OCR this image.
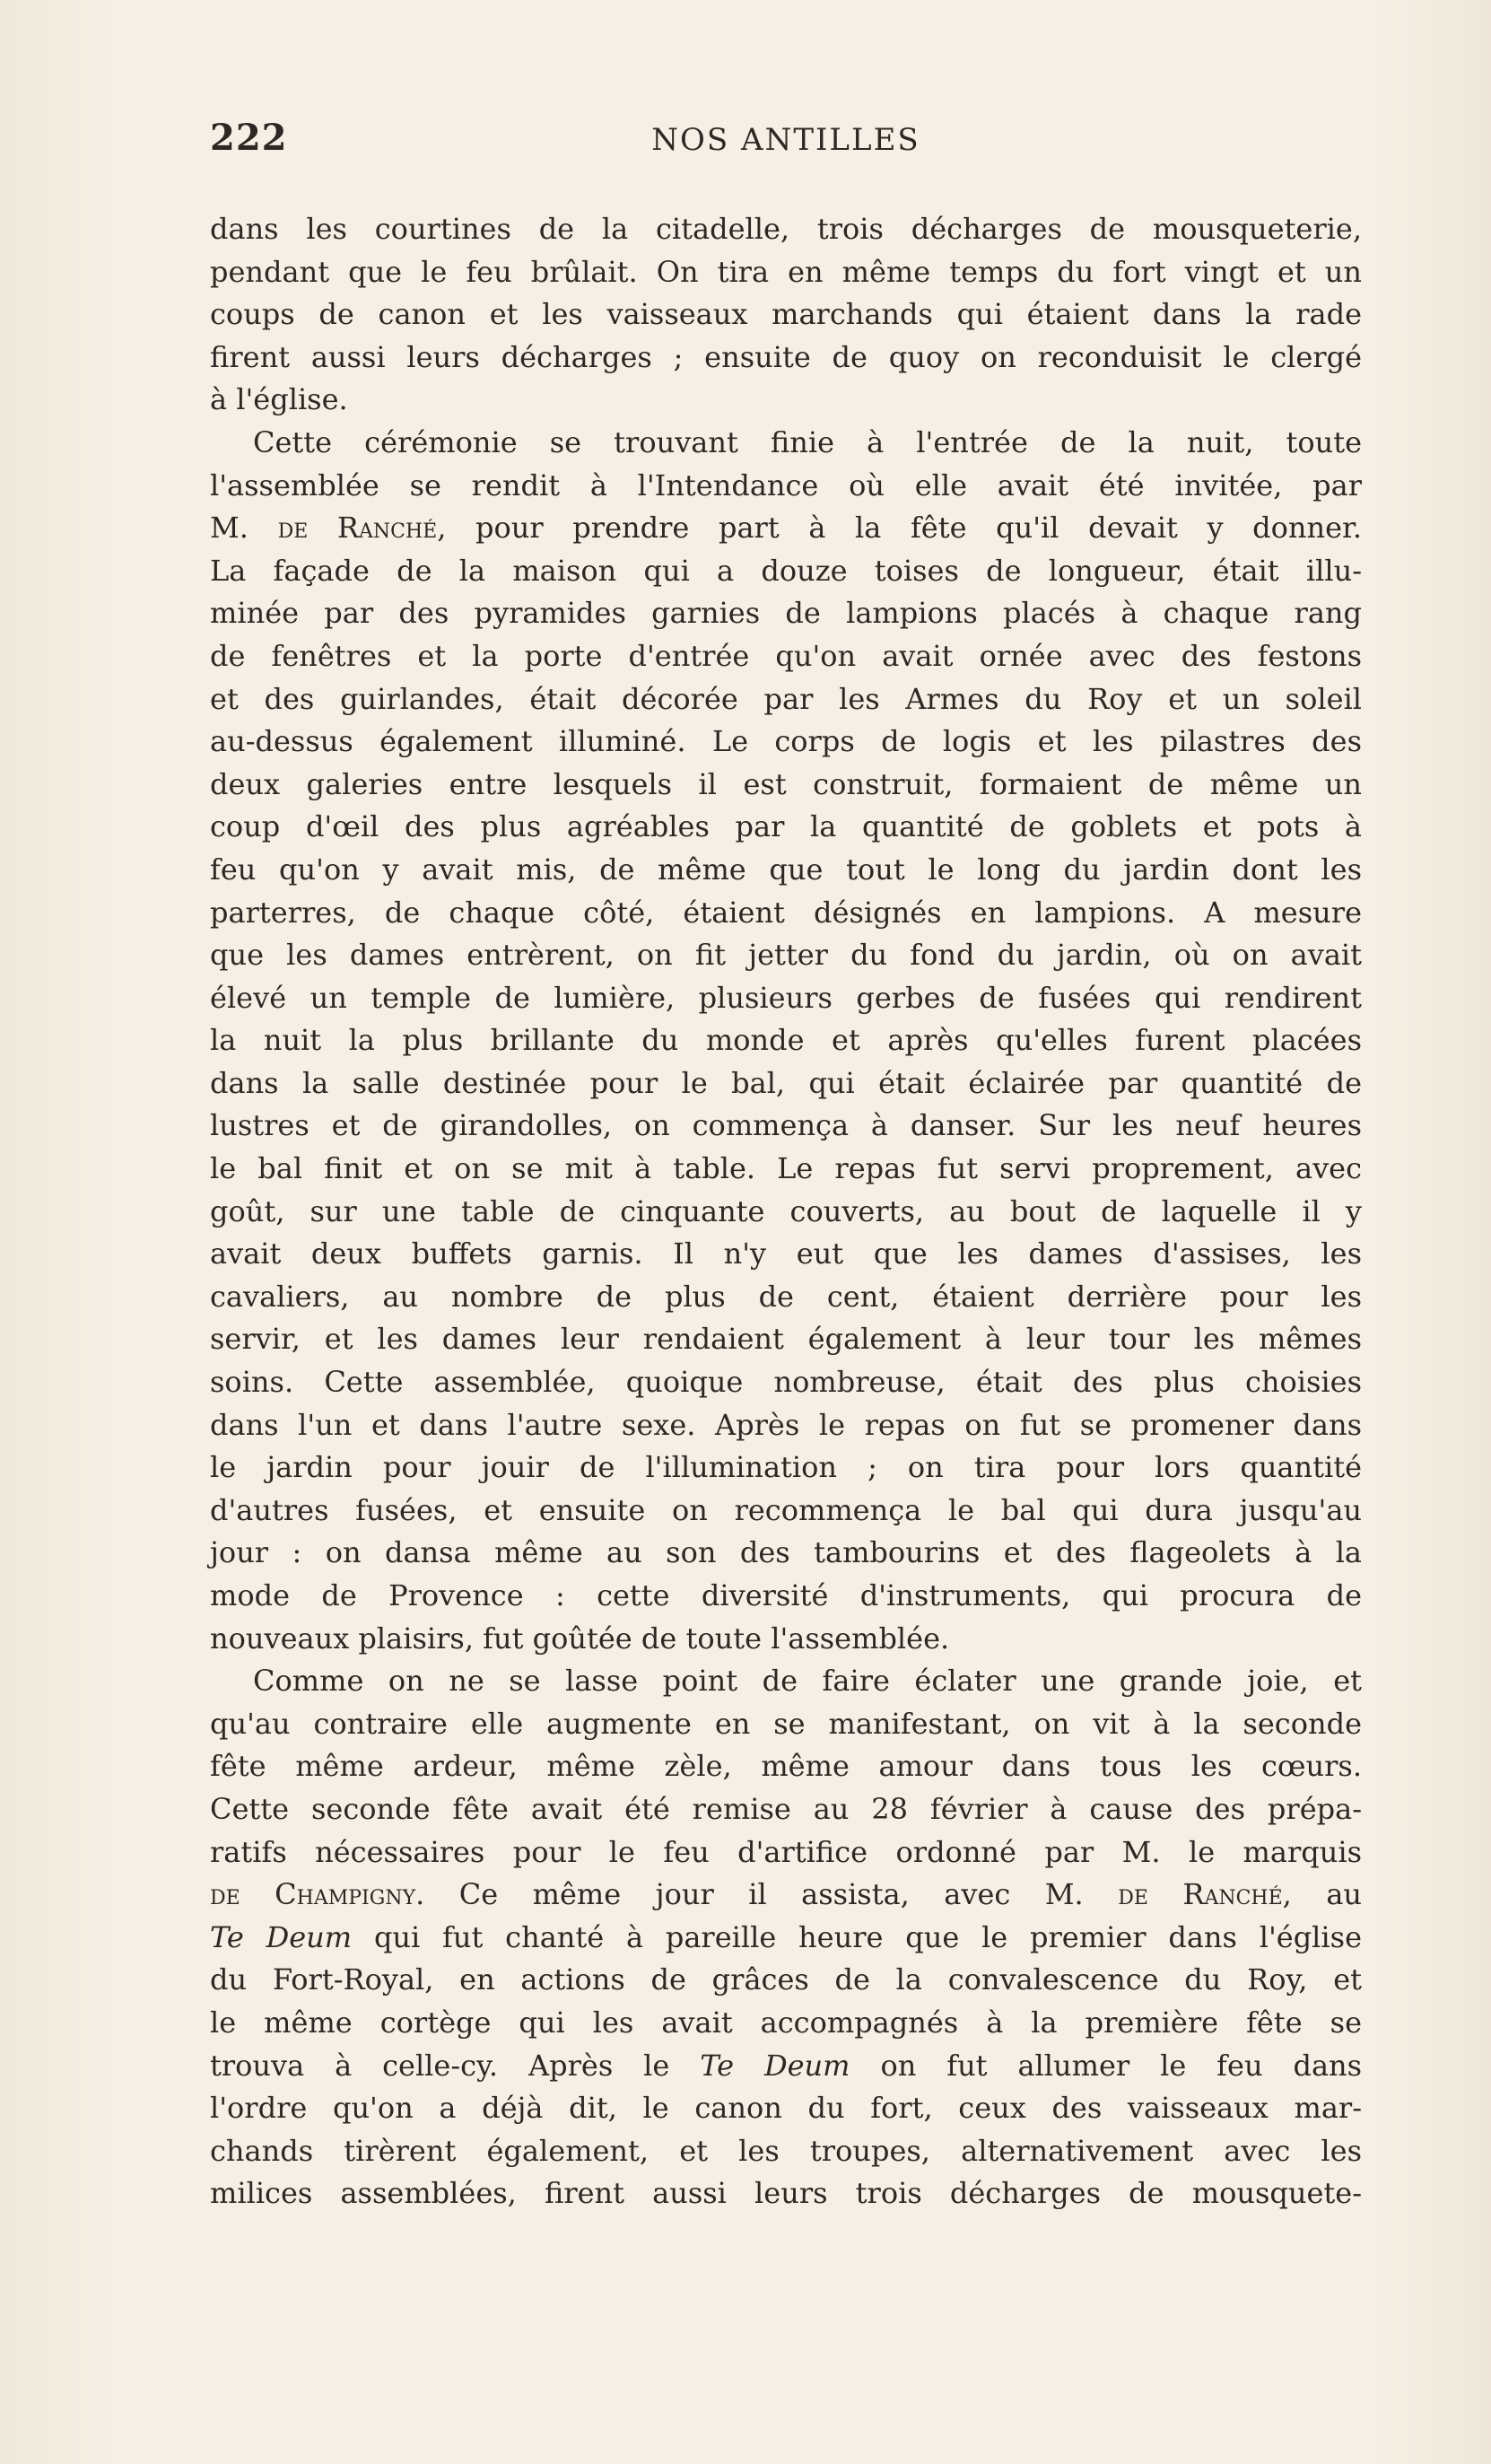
222	NOS ANTILLES

dans les courtines de la citadelle, trois décharges de mousqueterie,

pendant que le feu brûlait. On tira en même temps du fort vingt et un

coups de canon et les vaisseaux marchands qui étaient dans la rade

firent aussi leurs décharges ; ensuite de quoy on reconduisit le clergé

à l'église.

Cette cérémonie se trouvant finie à l'entrée de la nuit, toute

l'assemblée se rendit à l'Intendance où elle avait été invitée, par

M. de Ranché, pour prendre part à la fête qu'il devait y donner.

La façade de la maison qui a douze toises de longueur, était illu-

minée par des pyramides garnies de lampions placés à chaque rang

de fenêtres et la porte d'entrée qu'on avait ornée avec des festons

et des guirlandes, était décorée par les Armes du Roy et un soleil

au-dessus également illuminé. Le corps de logis et les pilastres des

deux galeries entre lesquels il est construit, formaient de même un

coup d'œil des plus agréables par la quantité de goblets et pots à

feu qu'on y avait mis, de même que tout le long du jardin dont les

parterres, de chaque côté, étaient désignés en lampions. A mesure

que les dames entrèrent, on fit jetter du fond du jardin, où on avait

élevé un temple de lumière, plusieurs gerbes de fusées qui rendirent

la nuit la plus brillante du monde et après qu'elles furent placées

dans la salle destinée pour le bal, qui était éclairée par quantité de

lustres et de girandolles, on commença à danser. Sur les neuf heures

le bal finit et on se mit à table. Le repas fut servi proprement, avec

goût, sur une table de cinquante couverts, au bout de laquelle il y

avait deux buffets garnis. Il n'y eut que les dames d'assises, les

cavaliers, au nombre de plus de cent, étaient derrière pour les

servir, et les dames leur rendaient également à leur tour les mêmes

soins. Cette assemblée, quoique nombreuse, était des plus choisies

dans l'un et dans l'autre sexe. Après le repas on fut se promener dans

le jardin pour jouir de l'illumination ; on tira pour lors quantité

d'autres fusées, et ensuite on recommença le bal qui dura jusqu'au

jour : on dansa même au son des tambourins et des flageolets à la

mode de Provence : cette diversité d'instruments, qui procura de

nouveaux plaisirs, fut goûtée de toute l'assemblée.

Comme on ne se lasse point de faire éclater une grande joie, et

qu'au contraire elle augmente en se manifestant, on vit à la seconde

fête même ardeur, même zèle, même amour dans tous les cœurs.

Cette seconde fête avait été remise au 28 février à cause des prépa-

ratifs nécessaires pour le feu d'artifice ordonné par M. le marquis

de Champigny. Ce même jour il assista, avec M. de Ranché, au

Te Deum qui fut chanté à pareille heure que le premier dans l'église

du Fort-Royal, en actions de grâces de la convalescence du Roy, et

le même cortège qui les avait accompagnés à la première fête se

trouva à celle-cy. Après le Te Deum on fut allumer le feu dans

l'ordre qu'on a déjà dit, le canon du fort, ceux des vaisseaux mar-

chands tirèrent également, et les troupes, alternativement avec les

milices assemblées, firent aussi leurs trois décharges de mousquete-
